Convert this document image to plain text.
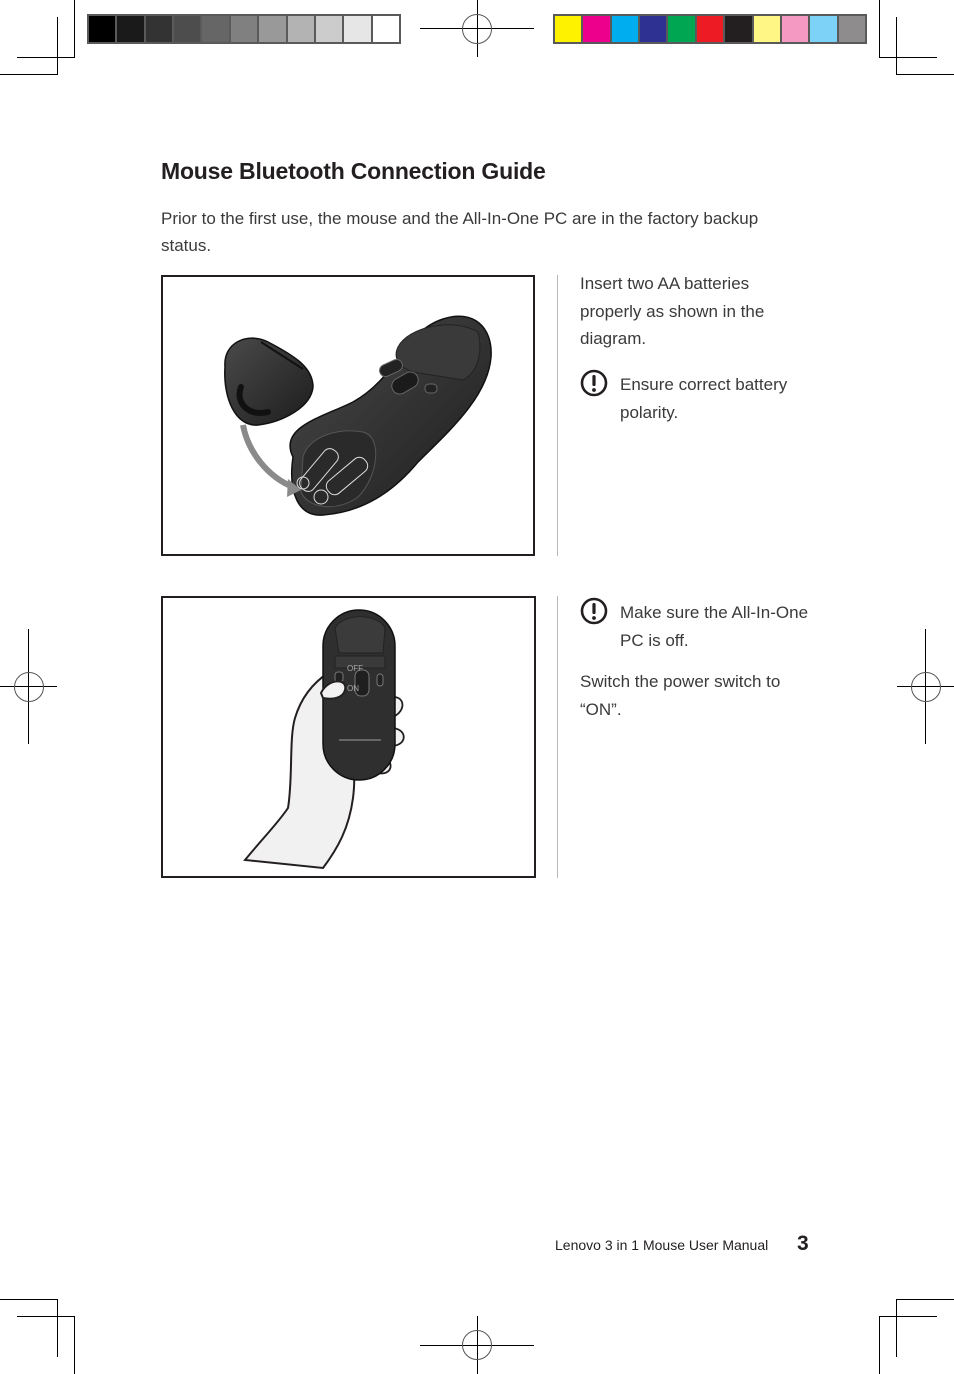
Mouse Bluetooth Connection Guide
Prior to the first use, the mouse and the All-In-One PC are in the factory backup status.
Insert two AA batteries properly as shown in the diagram.
Ensure correct battery polarity.
OFF
ON
Make sure the All-In-One PC is off.
Switch the power switch to “ON”.
Lenovo 3 in 1 Mouse User Manual 3
